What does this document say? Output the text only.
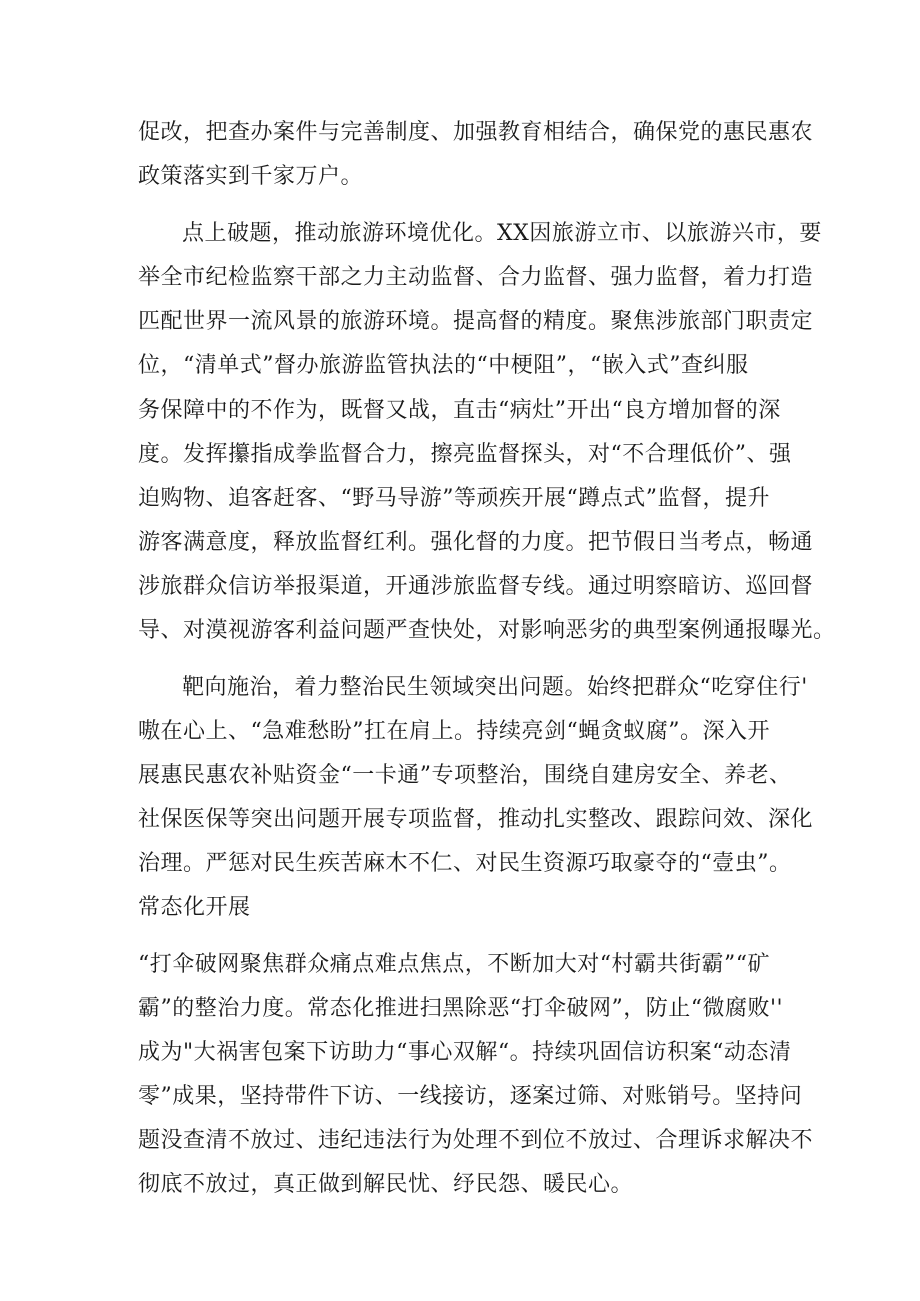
促改，把查办案件与完善制度、加强教育相结合，确保党的惠民惠农
政策落实到千家万户。
点上破题，推动旅游环境优化。XX因旅游立市、以旅游兴市，要
举全市纪检监察干部之力主动监督、合力监督、强力监督，着力打造
匹配世界一流风景的旅游环境。提高督的精度。聚焦涉旅部门职责定
位，“清单式”督办旅游监管执法的“中梗阻”，“嵌入式”查纠服
务保障中的不作为，既督又战，直击“病灶”开出“良方增加督的深
度。发挥攥指成拳监督合力，擦亮监督探头，对“不合理低价”、强
迫购物、追客赶客、“野马导游”等顽疾开展“蹲点式”监督，提升
游客满意度，释放监督红利。强化督的力度。把节假日当考点，畅通
涉旅群众信访举报渠道，开通涉旅监督专线。通过明察暗访、巡回督
导、对漠视游客利益问题严查快处，对影响恶劣的典型案例通报曝光。
靶向施治，着力整治民生领域突出问题。始终把群众“吃穿住行'
嗷在心上、“急难愁盼”扛在肩上。持续亮剑“蝇贪蚁腐”。深入开
展惠民惠农补贴资金“一卡通”专项整治，围绕自建房安全、养老、
社保医保等突出问题开展专项监督，推动扎实整改、跟踪问效、深化
治理。严惩对民生疾苦麻木不仁、对民生资源巧取豪夺的“壹虫”。
常态化开展
“打伞破网聚焦群众痛点难点焦点，不断加大对“村霸共街霸”“矿
霸”的整治力度。常态化推进扫黑除恶“打伞破网”，防止“微腐败''
成为"大祸害包案下访助力“事心双解“。持续巩固信访积案“动态清
零”成果，坚持带件下访、一线接访，逐案过筛、对账销号。坚持问
题没查清不放过、违纪违法行为处理不到位不放过、合理诉求解决不
彻底不放过，真正做到解民忧、纾民怨、暖民心。
